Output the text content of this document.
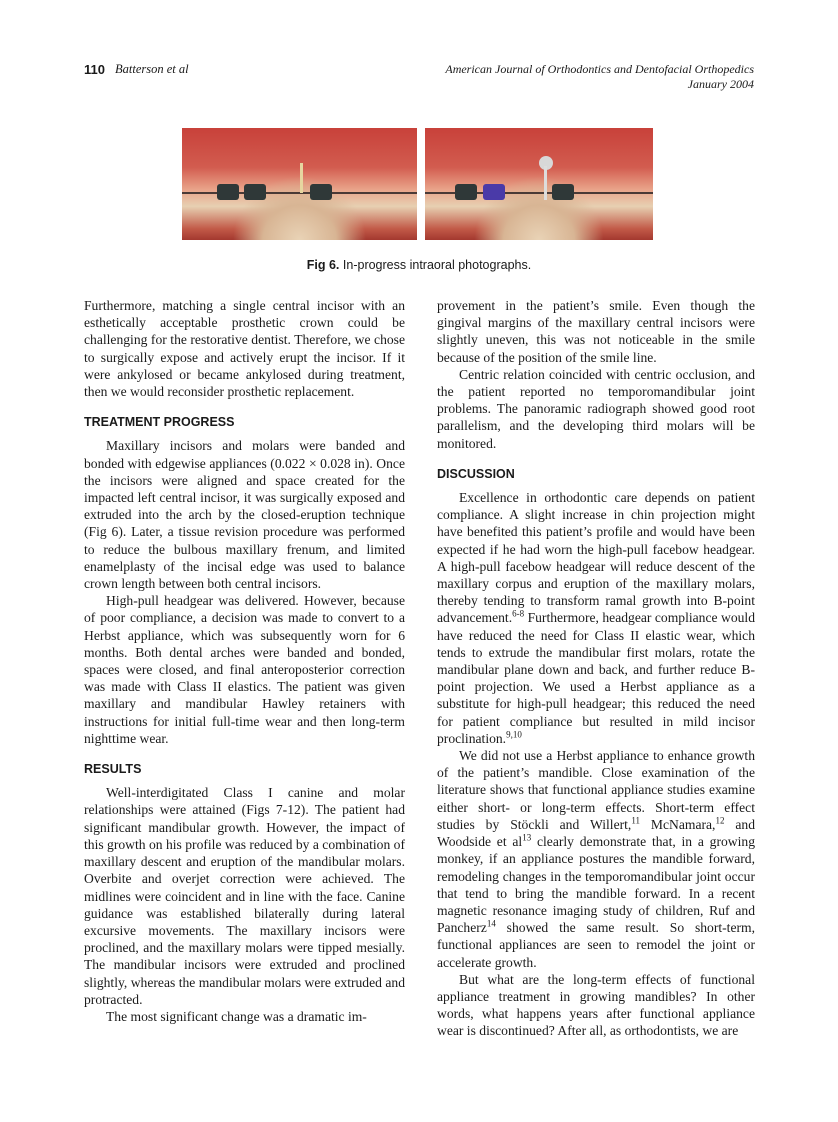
110 Batterson et al	American Journal of Orthodontics and Dentofacial Orthopedics
January 2004
Fig 6. In-progress intraoral photographs.

Furthermore, matching a single central incisor with an esthetically acceptable prosthetic crown could be challenging for the restorative dentist. Therefore, we chose to surgically expose and actively erupt the incisor. If it were ankylosed or became ankylosed during treatment, then we would reconsider prosthetic replacement.

TREATMENT PROGRESS

Maxillary incisors and molars were banded and bonded with edgewise appliances (0.022 × 0.028 in). Once the incisors were aligned and space created for the impacted left central incisor, it was surgically exposed and extruded into the arch by the closed-eruption technique (Fig 6). Later, a tissue revision procedure was performed to reduce the bulbous maxillary frenum, and limited enamelplasty of the incisal edge was used to balance crown length between both central incisors.

High-pull headgear was delivered. However, because of poor compliance, a decision was made to convert to a Herbst appliance, which was subsequently worn for 6 months. Both dental arches were banded and bonded, spaces were closed, and final anteroposterior correction was made with Class II elastics. The patient was given maxillary and mandibular Hawley retainers with instructions for initial full-time wear and then long-term nighttime wear.

RESULTS

Well-interdigitated Class I canine and molar relationships were attained (Figs 7-12). The patient had significant mandibular growth. However, the impact of this growth on his profile was reduced by a combination of maxillary descent and eruption of the mandibular molars. Overbite and overjet correction were achieved. The midlines were coincident and in line with the face. Canine guidance was established bilaterally during lateral excursive movements. The maxillary incisors were proclined, and the maxillary molars were tipped mesially. The mandibular incisors were extruded and proclined slightly, whereas the mandibular molars were extruded and protracted.

The most significant change was a dramatic im-

provement in the patient’s smile. Even though the gingival margins of the maxillary central incisors were slightly uneven, this was not noticeable in the smile because of the position of the smile line.

Centric relation coincided with centric occlusion, and the patient reported no temporomandibular joint problems. The panoramic radiograph showed good root parallelism, and the developing third molars will be monitored.

DISCUSSION

Excellence in orthodontic care depends on patient compliance. A slight increase in chin projection might have benefited this patient’s profile and would have been expected if he had worn the high-pull facebow headgear. A high-pull facebow headgear will reduce descent of the maxillary corpus and eruption of the maxillary molars, thereby tending to transform ramal growth into B-point advancement.$^{6-8}$ Furthermore, headgear compliance would have reduced the need for Class II elastic wear, which tends to extrude the mandibular first molars, rotate the mandibular plane down and back, and further reduce B-point projection. We used a Herbst appliance as a substitute for high-pull headgear; this reduced the need for patient compliance but resulted in mild incisor proclination.$^{9,10}$

We did not use a Herbst appliance to enhance growth of the patient’s mandible. Close examination of the literature shows that functional appliance studies examine either short- or long-term effects. Short-term effect studies by Stöckli and Willert,$^{11}$ McNamara,$^{12}$ and Woodside et $al^{13}$ clearly demonstrate that, in a growing monkey, if an appliance postures the mandible forward, remodeling changes in the temporomandibular joint occur that tend to bring the mandible forward. In a recent magnetic resonance imaging study of children, Ruf and Pancherz$^{14}$ showed the same result. So short-term, functional appliances are seen to remodel the joint or accelerate growth.

But what are the long-term effects of functional appliance treatment in growing mandibles? In other words, what happens years after functional appliance wear is discontinued? After all, as orthodontists, we are
